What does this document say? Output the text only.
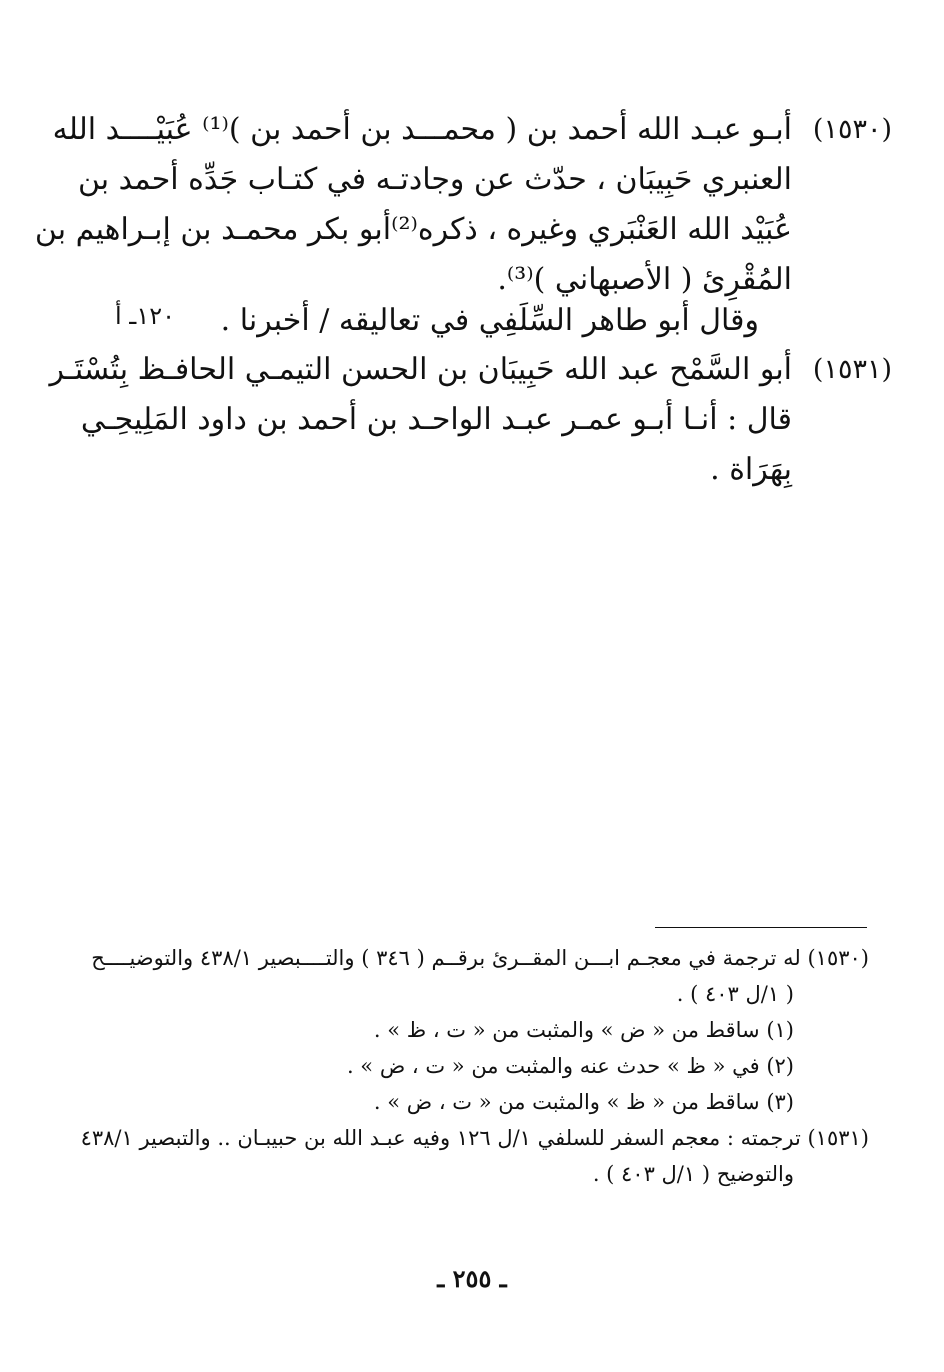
(١٥٣٠)
أبـو عبـد الله أحمد بن ( محمـــد بن أحمد بن )⁽¹⁾ عُبَيْــــد الله
العنبري حَبِيبَان ، حدّث عن وجادتـه في كتـاب جَدِّه أحمد بن
عُبَيْد الله العَنْبَري وغيره ، ذكره⁽²⁾أبو بكر محمـد بن إبـراهيم بن
المُقْرِئ ( الأصبهاني )⁽³⁾.
وقال أبو طاهر السِّلَفِي في تعاليقه / أخبرنا .
١٢٠ـ أ
(١٥٣١)
أبو السَّمْح عبد الله حَبِيبَان بن الحسن التيمـي الحافـظ بِتُسْتَـر
قال : أنـا أبـو عمـر عبـد الواحـد بن أحمد بن داود المَلِيحِـي
بِهَرَاة .
(١٥٣٠) له ترجمة في معجـم ابـــن المقــرئ برقــم ( ٣٤٦ ) والتــــبصير ٤٣٨/١ والتوضيــــح
( ١/ل ٤٠٣ ) .
(١) ساقط من « ض » والمثبت من « ت ، ظ » .
(٢) في « ظ » حدث عنه والمثبت من « ت ، ض » .
(٣) ساقط من « ظ » والمثبت من « ت ، ض » .
(١٥٣١) ترجمته : معجم السفر للسلفي ١/ل ١٢٦ وفيه عبـد الله بن حبيبـان .. والتبصير ٤٣٨/١
والتوضيح ( ١/ل ٤٠٣ ) .
ـ ٢٥٥ ـ
